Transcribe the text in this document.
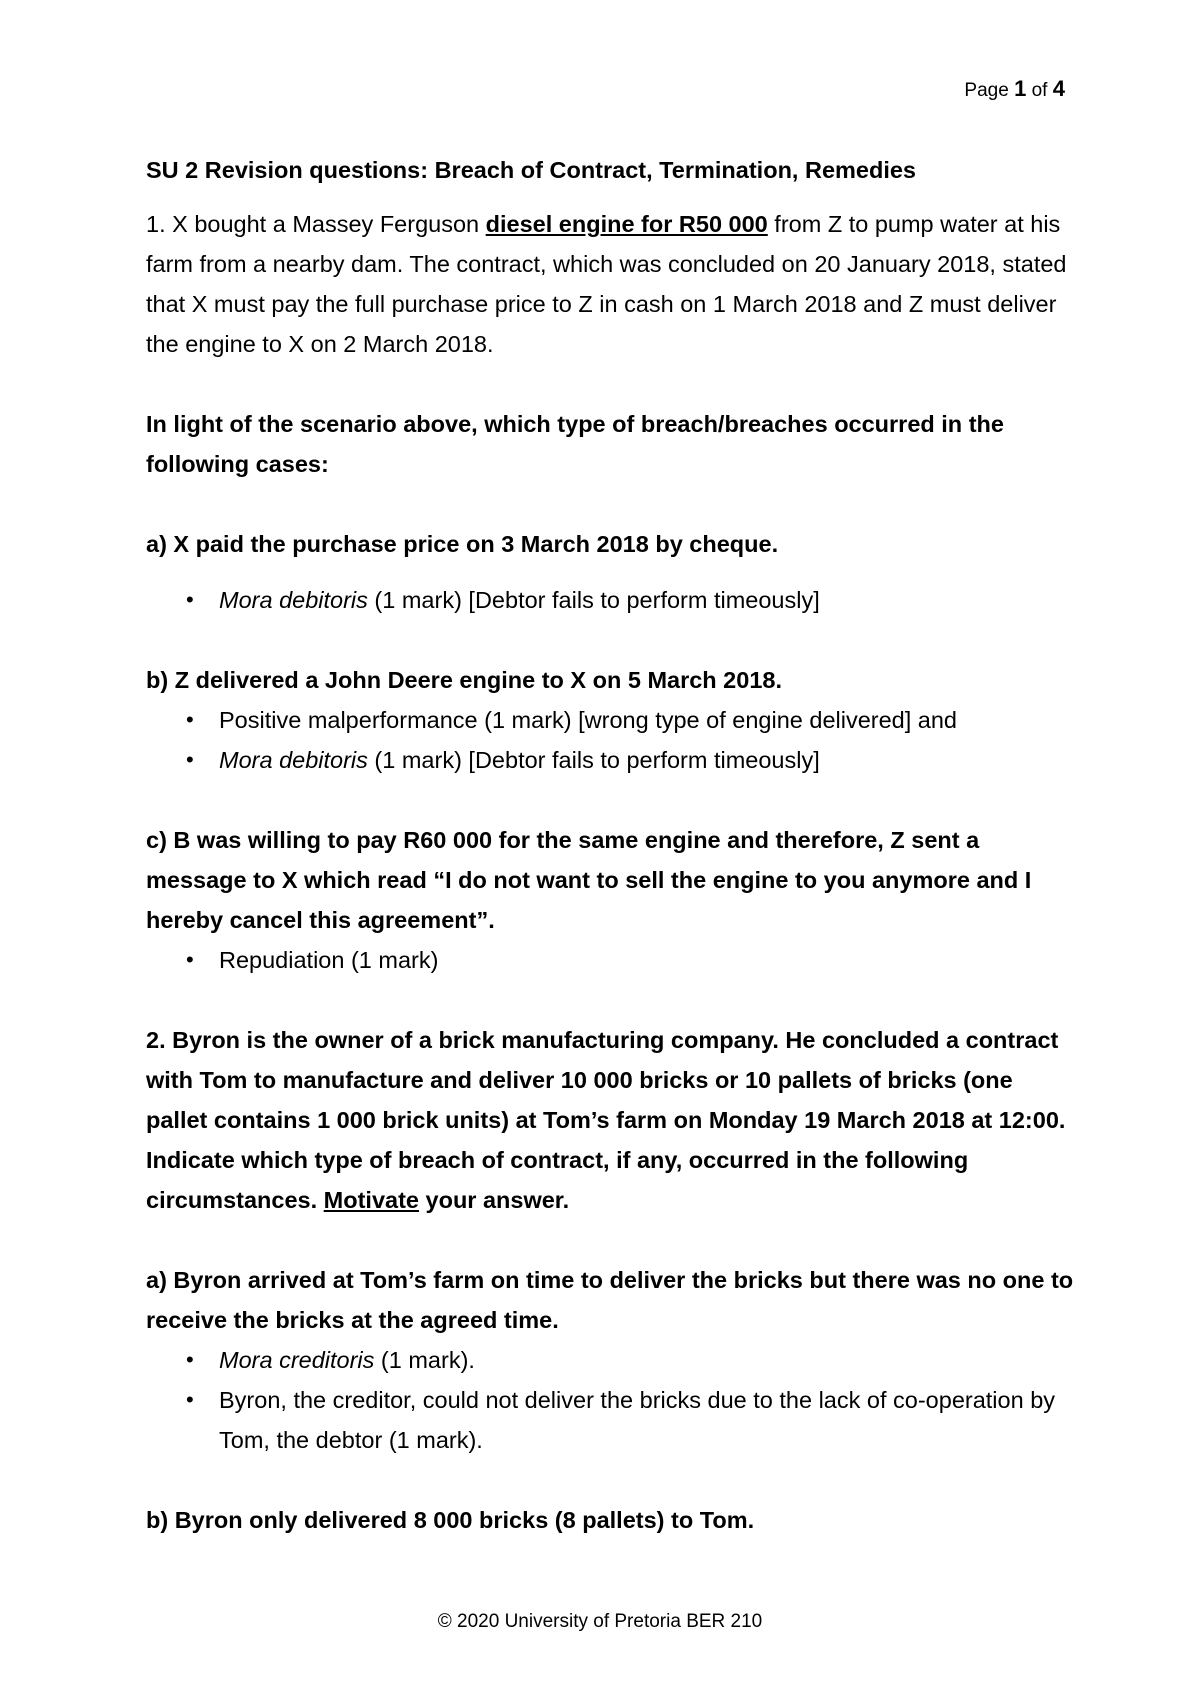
Page 1 of 4

SU 2 Revision questions: Breach of Contract, Termination, Remedies

1. X bought a Massey Ferguson diesel engine for R50 000 from Z to pump water at his farm from a nearby dam. The contract, which was concluded on 20 January 2018, stated that X must pay the full purchase price to Z in cash on 1 March 2018 and Z must deliver the engine to X on 2 March 2018.

In light of the scenario above, which type of breach/breaches occurred in the following cases:

a) X paid the purchase price on 3 March 2018 by cheque.

• Mora debitoris (1 mark) [Debtor fails to perform timeously]

b) Z delivered a John Deere engine to X on 5 March 2018.

• Positive malperformance (1 mark) [wrong type of engine delivered] and
• Mora debitoris (1 mark) [Debtor fails to perform timeously]

c) B was willing to pay R60 000 for the same engine and therefore, Z sent a message to X which read “I do not want to sell the engine to you anymore and I hereby cancel this agreement”.

• Repudiation (1 mark)

2. Byron is the owner of a brick manufacturing company. He concluded a contract with Tom to manufacture and deliver 10 000 bricks or 10 pallets of bricks (one pallet contains 1 000 brick units) at Tom’s farm on Monday 19 March 2018 at 12:00. Indicate which type of breach of contract, if any, occurred in the following circumstances. Motivate your answer.

a) Byron arrived at Tom’s farm on time to deliver the bricks but there was no one to receive the bricks at the agreed time.

• Mora creditoris (1 mark).
• Byron, the creditor, could not deliver the bricks due to the lack of co-operation by Tom, the debtor (1 mark).

b) Byron only delivered 8 000 bricks (8 pallets) to Tom.

© 2020 University of Pretoria BER 210
